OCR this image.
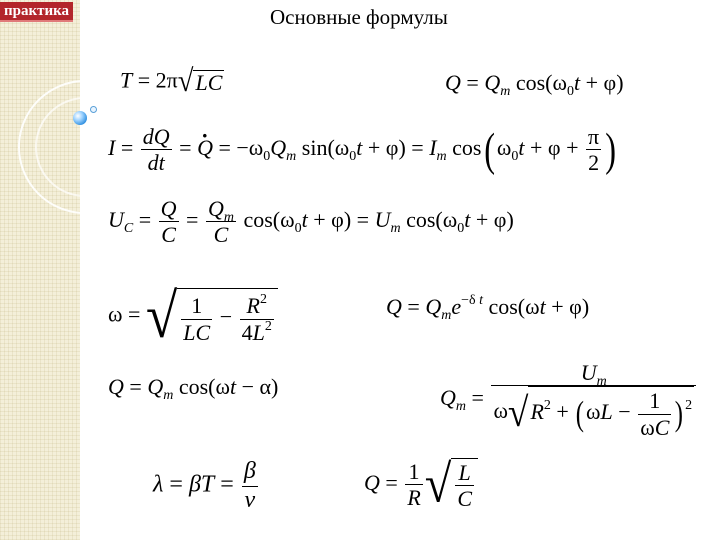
практика	Основные формулы
T = 2π√LC	$Q = Q_m$ $\cos(\omega_0t + \varphi)$
$I = \frac{dQ}{dt}$ = · $Q = -\omega_0Q_m$ $\sin(\omega_0t + \varphi) = I_m$ cos( $\omega_0t + \varphi + \frac{\pi}{2}$ )
$U_C = \frac{Q}{C} = \frac{Q_m}{C} \cos(\omega_0t + \varphi) = U_m$ $\cos(\omega_0t + \varphi)$
ω = √ $\frac{1}{LC} - \frac{R^2}{4L^2}$	$Q = Q_me^{-\delta t}$ cos(ωt + φ)
$Q = Q_m$ cos(ωt − α)	$Q_m = \frac{U_m}{\omega√R^2 + (\omega L - \frac{1}{\omega C} ) ^2}$
$\lambda = \beta T = \frac{\beta}{\nu}$	$Q = \frac{1}{R}$ √ $\frac{L}{C}$
